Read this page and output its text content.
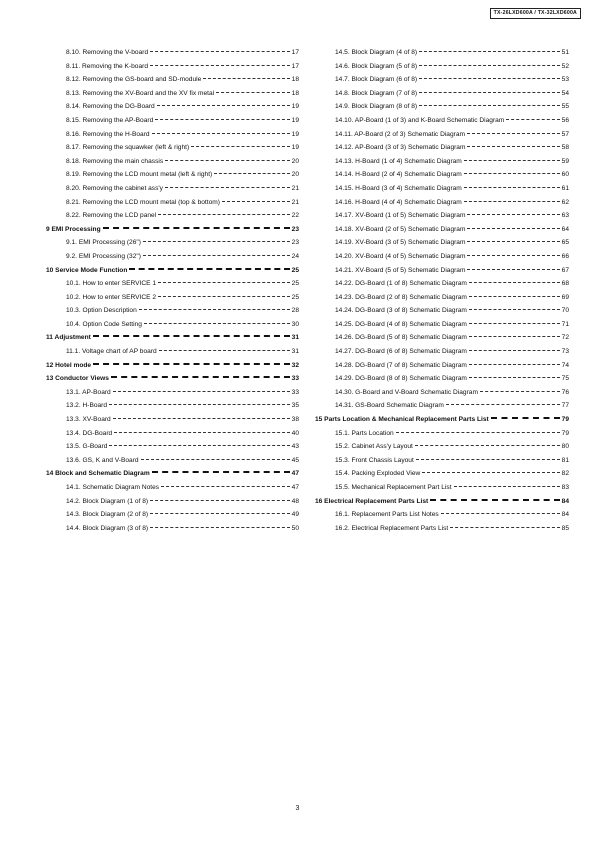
TX-26LXD600A / TX-32LXD600A
8.10. Removing the V-board	17
8.11. Removing the K-board	17
8.12. Removing the GS-board and SD-module	18
8.13. Removing the XV-Board and the XV fix metal	18
8.14. Removing the DG-Board	19
8.15. Removing the AP-Board	19
8.16. Removing the H-Board	19
8.17. Removing the squawker (left & right)	19
8.18. Removing the main chassis	20
8.19. Removing the LCD mount metal (left & right)	20
8.20. Removing the cabinet ass'y	21
8.21. Removing the LCD mount metal (top & bottom)	21
8.22. Removing the LCD panel	22
9 EMI Processing	23
9.1. EMI Processing (26")	23
9.2. EMI Processing (32")	24
10 Service Mode Function	25
10.1. How to enter SERVICE 1	25
10.2. How to enter SERVICE 2	25
10.3. Option Description	28
10.4. Option Code Setting	30
11 Adjustment	31
11.1. Voltage chart of AP board	31
12 Hotel mode	32
13 Conductor Views	33
13.1. AP-Board	33
13.2. H-Board	35
13.3. XV-Board	38
13.4. DG-Board	40
13.5. G-Board	43
13.6. GS, K and V-Board	45
14 Block and Schematic Diagram	47
14.1. Schematic Diagram Notes	47
14.2. Block Diagram (1 of 8)	48
14.3. Block Diagram (2 of 8)	49
14.4. Block Diagram (3 of 8)	50
14.5. Block Diagram (4 of 8)	51
14.6. Block Diagram (5 of 8)	52
14.7. Block Diagram (6 of 8)	53
14.8. Block Diagram (7 of 8)	54
14.9. Block Diagram (8 of 8)	55
14.10. AP-Board (1 of 3) and K-Board Schematic Diagram	56
14.11. AP-Board (2 of 3) Schematic Diagram	57
14.12. AP-Board (3 of 3) Schematic Diagram	58
14.13. H-Board (1 of 4) Schematic Diagram	59
14.14. H-Board (2 of 4) Schematic Diagram	60
14.15. H-Board (3 of 4) Schematic Diagram	61
14.16. H-Board (4 of 4) Schematic Diagram	62
14.17. XV-Board (1 of 5) Schematic Diagram	63
14.18. XV-Board (2 of 5) Schematic Diagram	64
14.19. XV-Board (3 of 5) Schematic Diagram	65
14.20. XV-Board (4 of 5) Schematic Diagram	66
14.21. XV-Board (5 of 5) Schematic Diagram	67
14.22. DG-Board (1 of 8) Schematic Diagram	68
14.23. DG-Board (2 of 8) Schematic Diagram	69
14.24. DG-Board (3 of 8) Schematic Diagram	70
14.25. DG-Board (4 of 8) Schematic Diagram	71
14.26. DG-Board (5 of 8) Schematic Diagram	72
14.27. DG-Board (6 of 8) Schematic Diagram	73
14.28. DG-Board (7 of 8) Schematic Diagram	74
14.29. DG-Board (8 of 8) Schematic Diagram	75
14.30. G-Board and V-Board Schematic Diagram	76
14.31. GS-Board Schematic Diagram	77
15 Parts Location & Mechanical Replacement Parts List	79
15.1. Parts Location	79
15.2. Cabinet Ass'y Layout	80
15.3. Front Chassis Layout	81
15.4. Packing Exploded View	82
15.5. Mechanical Replacement Part List	83
16 Electrical Replacement Parts List	84
16.1. Replacement Parts List Notes	84
16.2. Electrical Replacement Parts List	85
3
